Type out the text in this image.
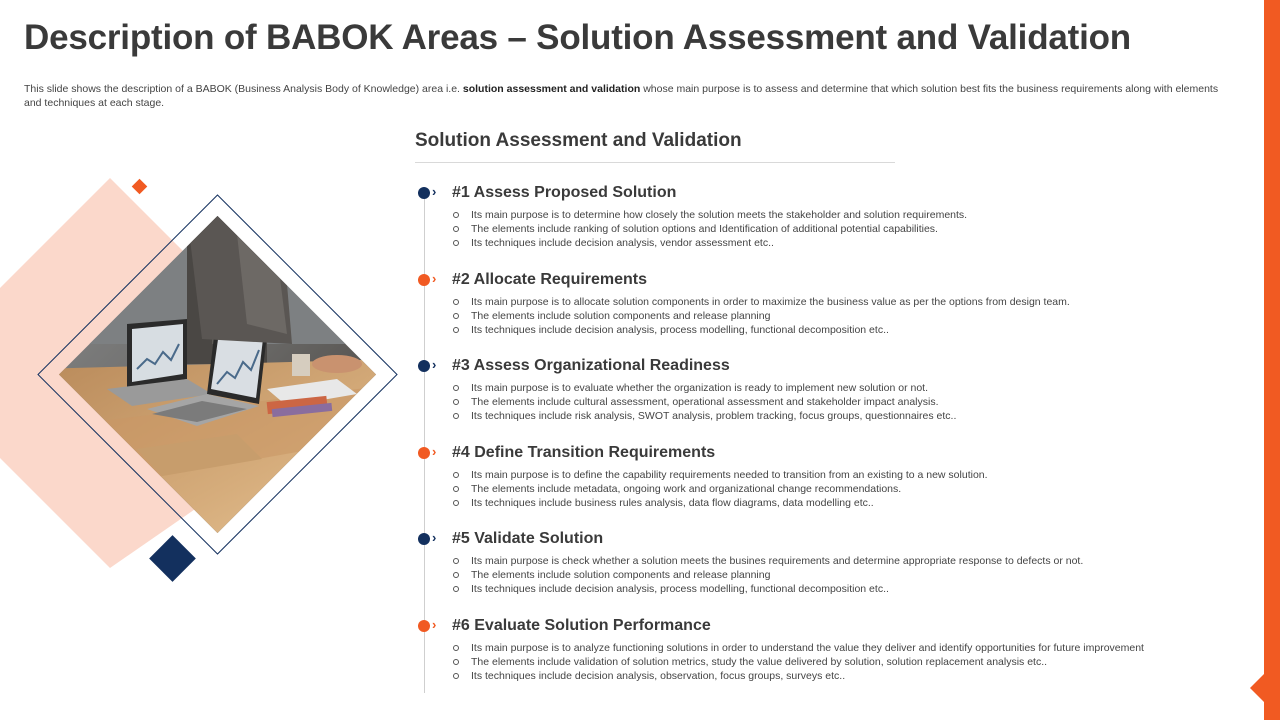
Description of BABOK Areas – Solution Assessment and Validation

This slide shows the description of a BABOK (Business Analysis Body of Knowledge) area i.e. solution assessment and validation whose main purpose is to assess and determine that which solution best fits the business requirements along with elements and techniques at each stage.

Solution Assessment and Validation
› #1 Assess Proposed Solution
Its main purpose is to determine how closely the solution meets the stakeholder and solution requirements.
The elements include ranking of solution options and Identification of additional potential capabilities.
Its techniques include decision analysis, vendor assessment etc..
› #2 Allocate Requirements
Its main purpose is to allocate solution components in order to maximize the business value as per the options from design team.
The elements include solution components and release planning
Its techniques include decision analysis, process modelling, functional decomposition etc..
› #3 Assess Organizational Readiness
Its main purpose is to evaluate whether the organization is ready to implement new solution or not.
The elements include cultural assessment, operational assessment and stakeholder impact analysis.
Its techniques include risk analysis, SWOT analysis, problem tracking, focus groups, questionnaires etc..
› #4 Define Transition Requirements
Its main purpose is to define the capability requirements needed to transition from an existing to a new solution.
The elements include metadata, ongoing work and organizational change recommendations.
Its techniques include business rules analysis, data flow diagrams, data modelling etc..
› #5 Validate Solution
Its main purpose is check whether a solution meets the busines requirements and determine appropriate response to defects or not.
The elements include solution components and release planning
Its techniques include decision analysis, process modelling, functional decomposition etc..
› #6 Evaluate Solution Performance
Its main purpose is to analyze functioning solutions in order to understand the value they deliver and identify opportunities for future improvement
The elements include validation of solution metrics, study the value delivered by solution, solution replacement analysis etc..
Its techniques include decision analysis, observation, focus groups, surveys etc..
